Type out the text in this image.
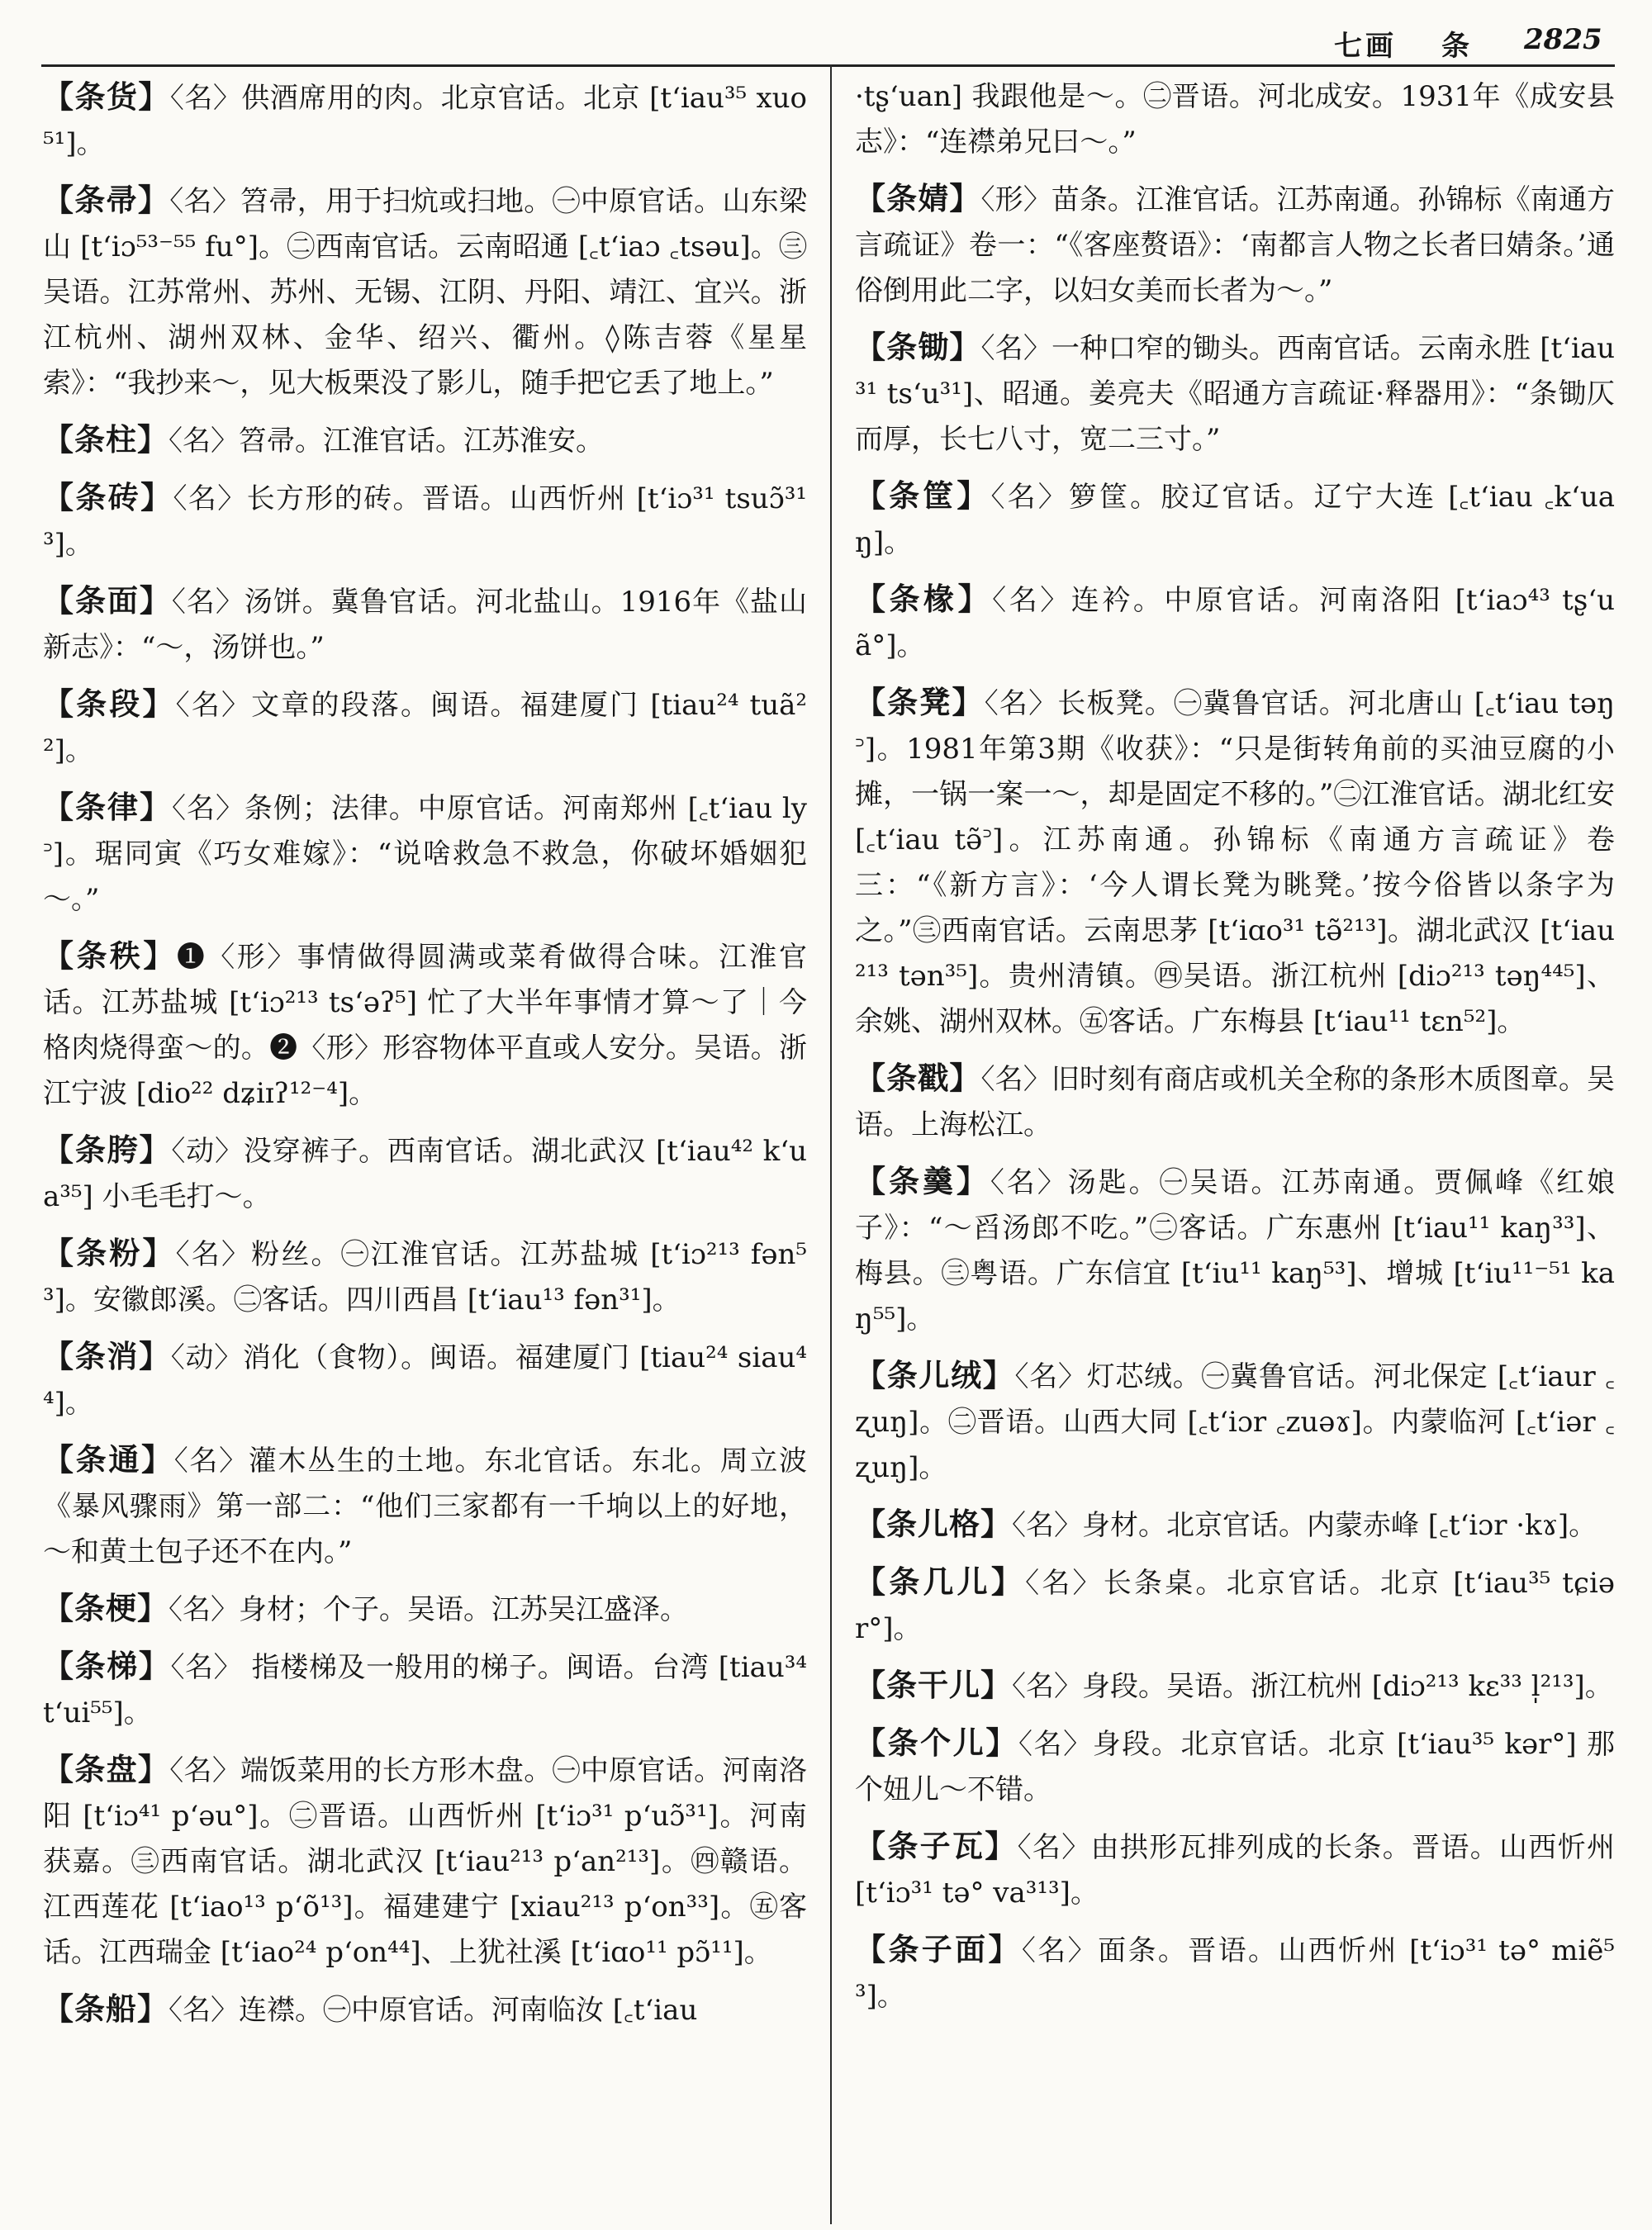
七画 条 2825
【条货】〈名〉供酒席用的肉。北京官话。北京 [tʻiau³⁵ xuo⁵¹]。
【条帚】〈名〉笤帚，用于扫炕或扫地。㊀中原官话。山东梁山 [tʻiɔ⁵³⁻⁵⁵ fu°]。㊁西南官话。云南昭通 [꜀tʻiaɔ ꜀tsəu]。㊂吴语。江苏常州、苏州、无锡、江阴、丹阳、靖江、宜兴。浙江杭州、湖州双林、金华、绍兴、衢州。◊陈吉蓉《星星索》：“我抄来～，见大板栗没了影儿，随手把它丢了地上。”
【条柱】〈名〉笤帚。江淮官话。江苏淮安。
【条砖】〈名〉长方形的砖。晋语。山西忻州 [tʻiɔ³¹ tsuɔ̃³¹³]。
【条面】〈名〉汤饼。冀鲁官话。河北盐山。1916年《盐山新志》：“～，汤饼也。”
【条段】〈名〉文章的段落。闽语。福建厦门 [tiau²⁴ tuã²²]。
【条律】〈名〉条例；法律。中原官话。河南郑州 [꜀tʻiau ly꜄]。琚同寅《巧女难嫁》：“说啥救急不救急，你破坏婚姻犯～。”
【条秩】❶〈形〉事情做得圆满或菜肴做得合味。江淮官话。江苏盐城 [tʻiɔ²¹³ tsʻəʔ⁵] 忙了大半年事情才算～了｜今格肉烧得蛮～的。❷〈形〉形容物体平直或人安分。吴语。浙江宁波 [dio²² dʑiɪʔ¹²⁻⁴]。
【条胯】〈动〉没穿裤子。西南官话。湖北武汉 [tʻiau⁴² kʻua³⁵] 小毛毛打～。
【条粉】〈名〉粉丝。㊀江淮官话。江苏盐城 [tʻiɔ²¹³ fən⁵³]。安徽郎溪。㊁客话。四川西昌 [tʻiau¹³ fən³¹]。
【条消】〈动〉消化（食物）。闽语。福建厦门 [tiau²⁴ siau⁴⁴]。
【条通】〈名〉灌木丛生的土地。东北官话。东北。周立波《暴风骤雨》第一部二：“他们三家都有一千垧以上的好地，～和黄土包子还不在内。”
【条梗】〈名〉身材；个子。吴语。江苏吴江盛泽。
【条梯】〈名〉 指楼梯及一般用的梯子。闽语。台湾 [tiau³⁴ tʻui⁵⁵]。
【条盘】〈名〉端饭菜用的长方形木盘。㊀中原官话。河南洛阳 [tʻiɔ⁴¹ pʻəu°]。㊁晋语。山西忻州 [tʻiɔ³¹ pʻuɔ̃³¹]。河南获嘉。㊂西南官话。湖北武汉 [tʻiau²¹³ pʻan²¹³]。㊃赣语。江西莲花 [tʻiao¹³ pʻõ¹³]。福建建宁 [xiau²¹³ pʻon³³]。㊄客话。江西瑞金 [tʻiao²⁴ pʻon⁴⁴]、上犹社溪 [tʻiɑo¹¹ pɔ̃¹¹]。
【条船】〈名〉连襟。㊀中原官话。河南临汝 [꜀tʻiau
·tʂʻuan] 我跟他是～。㊁晋语。河北成安。1931年《成安县志》：“连襟弟兄曰～。”
【条婧】〈形〉苗条。江淮官话。江苏南通。孙锦标《南通方言疏证》卷一：“《客座赘语》：‘南都言人物之长者曰婧条。’通俗倒用此二字，以妇女美而长者为～。”
【条锄】〈名〉一种口窄的锄头。西南官话。云南永胜 [tʻiau³¹ tsʻu³¹]、昭通。姜亮夫《昭通方言疏证·释器用》：“条锄仄而厚，长七八寸，宽二三寸。”
【条筐】〈名〉箩筐。胶辽官话。辽宁大连 [꜀tʻiau ꜀kʻuaŋ]。
【条椽】〈名〉连衿。中原官话。河南洛阳 [tʻiaɔ⁴³ tʂʻuã°]。
【条凳】〈名〉长板凳。㊀冀鲁官话。河北唐山 [꜀tʻiau təŋ꜄]。1981年第3期《收获》：“只是街转角前的买油豆腐的小摊，一锅一案一～，却是固定不移的。”㊁江淮官话。湖北红安 [꜀tʻiau tə̃꜄]。江苏南通。孙锦标《南通方言疏证》卷三：“《新方言》：‘今人谓长凳为眺凳。’按今俗皆以条字为之。”㊂西南官话。云南思茅 [tʻiɑo³¹ tə̃²¹³]。湖北武汉 [tʻiau²¹³ tən³⁵]。贵州清镇。㊃吴语。浙江杭州 [diɔ²¹³ təŋ⁴⁴⁵]、余姚、湖州双林。㊄客话。广东梅县 [tʻiau¹¹ tɛn⁵²]。
【条戳】〈名〉旧时刻有商店或机关全称的条形木质图章。吴语。上海松江。
【条羹】〈名〉汤匙。㊀吴语。江苏南通。贾佩峰《红娘子》：“～舀汤郎不吃。”㊁客话。广东惠州 [tʻiau¹¹ kaŋ³³]、梅县。㊂粤语。广东信宜 [tʻiu¹¹ kaŋ⁵³]、增城 [tʻiu¹¹⁻⁵¹ kaŋ⁵⁵]。
【条儿绒】〈名〉灯芯绒。㊀冀鲁官话。河北保定 [꜀tʻiaur ꜀ʐuŋ]。㊁晋语。山西大同 [꜀tʻiɔr ꜀zuəɤ]。内蒙临河 [꜀tʻiər ꜀ʐuŋ]。
【条儿格】〈名〉身材。北京官话。内蒙赤峰 [꜀tʻiɔr ·kɤ]。
【条几儿】〈名〉长条桌。北京官话。北京 [tʻiau³⁵ tɕiər°]。
【条干儿】〈名〉身段。吴语。浙江杭州 [diɔ²¹³ kɛ³³ l̩²¹³]。
【条个儿】〈名〉身段。北京官话。北京 [tʻiau³⁵ kər°] 那个妞儿～不错。
【条子瓦】〈名〉由拱形瓦排列成的长条。晋语。山西忻州 [tʻiɔ³¹ tə° va³¹³]。
【条子面】〈名〉面条。晋语。山西忻州 [tʻiɔ³¹ tə° miẽ⁵³]。
